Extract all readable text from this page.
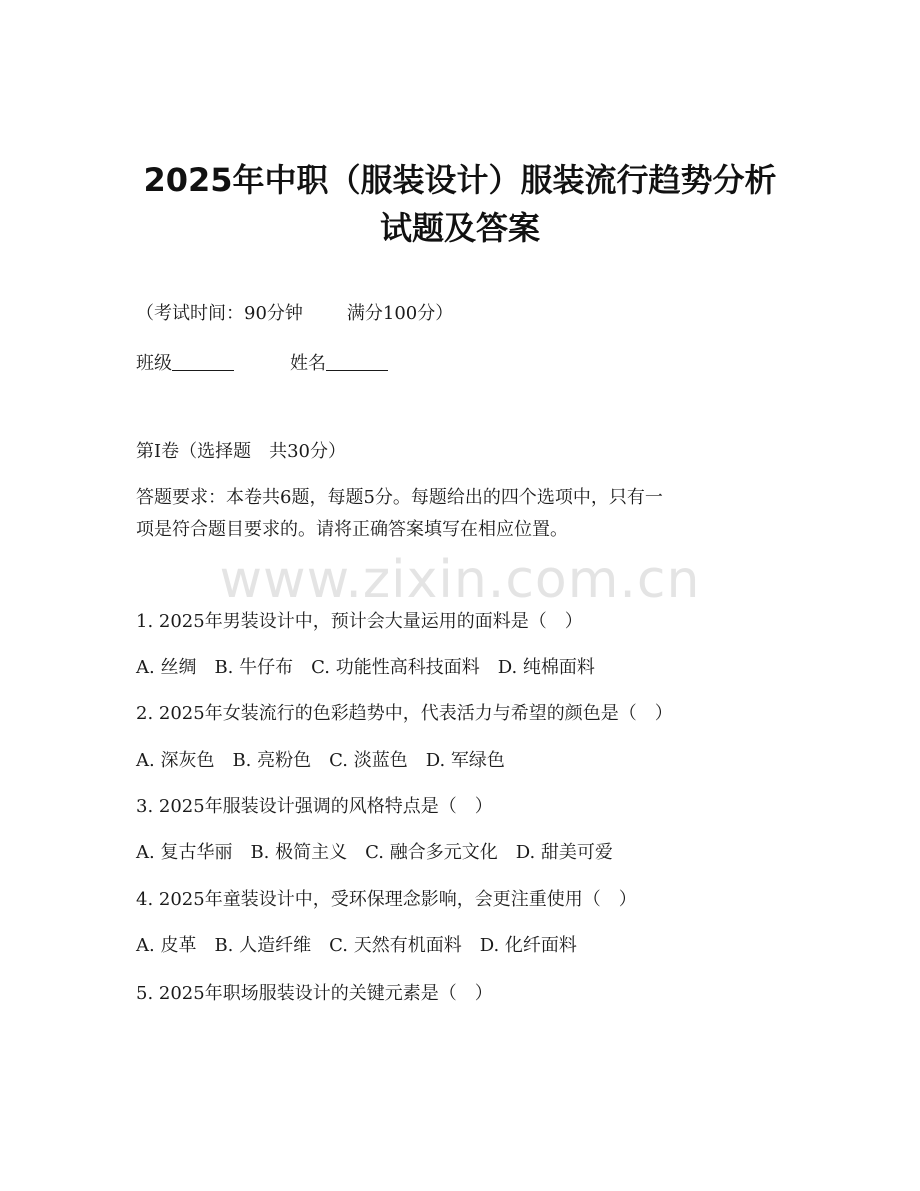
2025年中职（服装设计）服装流行趋势分析
试题及答案

（考试时间：90分钟 满分100分）

班级	姓名

第Ⅰ卷（选择题　共30分）

答题要求：本卷共6题，每题5分。每题给出的四个选项中，只有一

项是符合题目要求的。请将正确答案填写在相应位置。

www.zixin.com.cn

1. 2025年男装设计中，预计会大量运用的面料是（　）

A. 丝绸 B. 牛仔布 C. 功能性高科技面料 D. 纯棉面料

2. 2025年女装流行的色彩趋势中，代表活力与希望的颜色是（　）

A. 深灰色 B. 亮粉色 C. 淡蓝色 D. 军绿色

3. 2025年服装设计强调的风格特点是（　）

A. 复古华丽 B. 极简主义 C. 融合多元文化 D. 甜美可爱

4. 2025年童装设计中，受环保理念影响，会更注重使用（　）

A. 皮革 B. 人造纤维 C. 天然有机面料 D. 化纤面料

5. 2025年职场服装设计的关键元素是（　）
